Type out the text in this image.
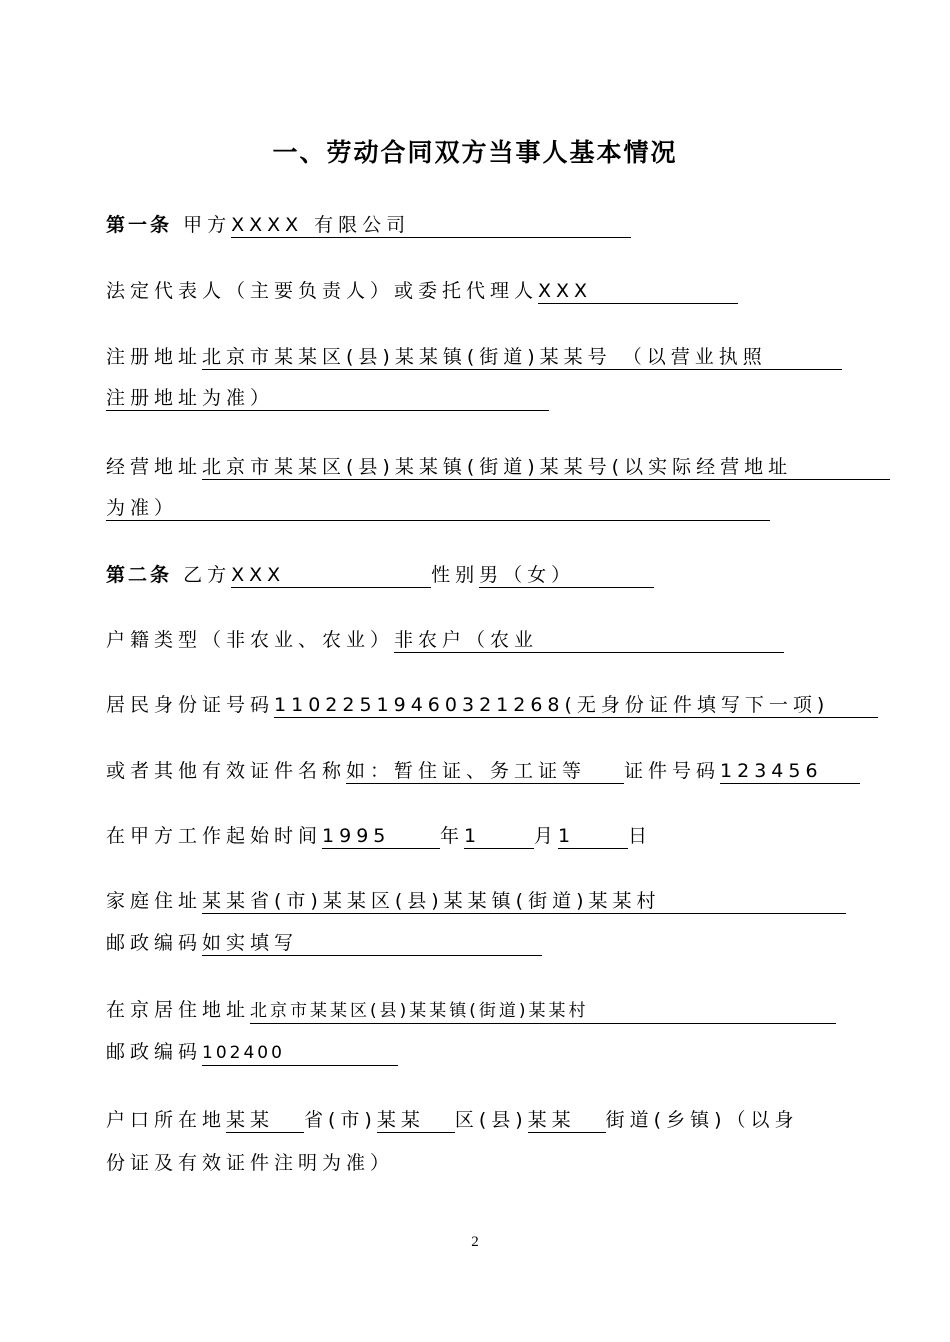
一、劳动合同双方当事人基本情况
第一条 甲方XXXX 有限公司
法定代表人（主要负责人）或委托代理人XXX
注册地址北京市某某区(县)某某镇(街道)某某号 （以营业执照
注册地址为准）
经营地址北京市某某区(县)某某镇(街道)某某号(以实际经营地址
为准）
第二条 乙方XXX	性别男（女）
户籍类型（非农业、农业）非农户（农业
居民身份证号码110225194603212​68(无身份证件填写下一项)
或者其他有效证件名称如：暂住证、务工证等 证件号码123456
在甲方工作起始时间1995	年1	月1	日
家庭住址某某省(市)某某区(县)某某镇(街道)某某村
邮政编码如实填写
在京居住地址北京市某某区(县)某某镇(街道)某某村
邮政编码102400
户口所在地某某省(市)某某区(县)某某街道(乡镇)（以身
份证及有效证件注明为准）
2
